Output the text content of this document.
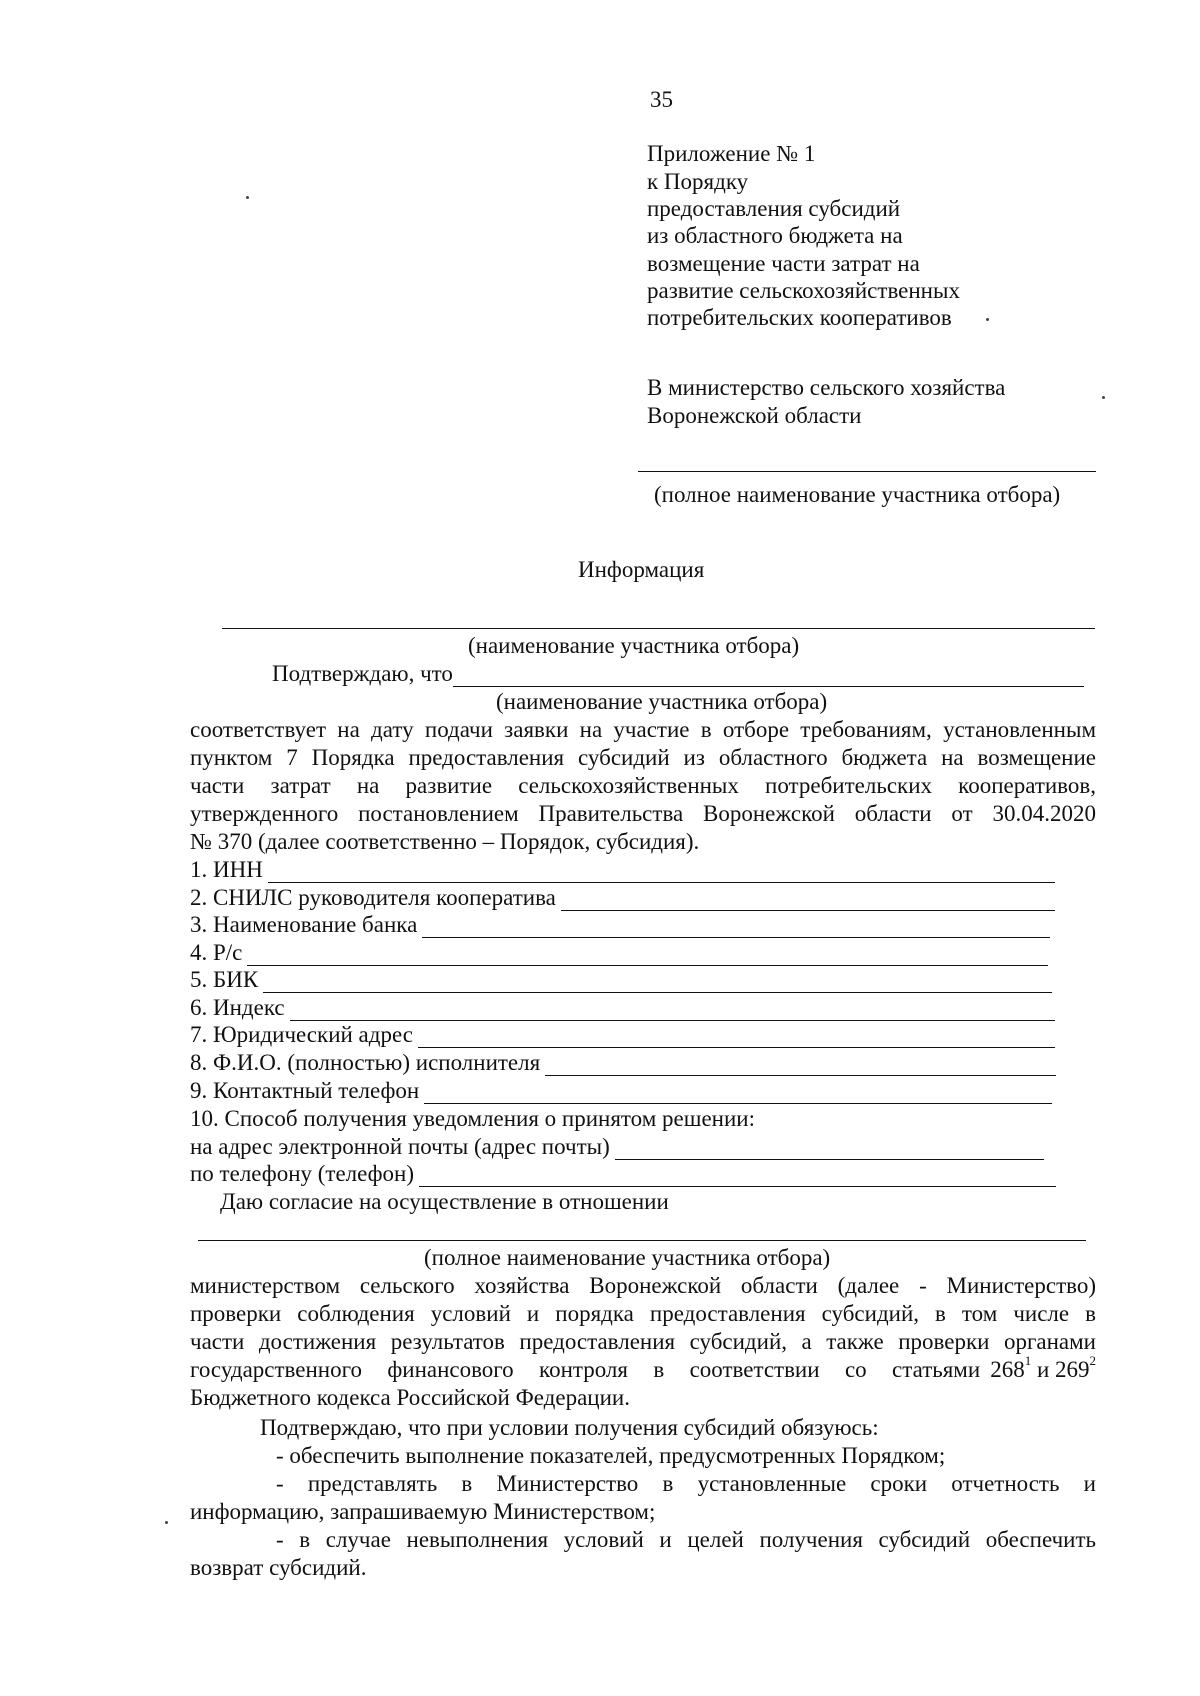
35
Приложение № 1
к Порядку
предоставления субсидий
из областного бюджета на
возмещение части затрат на
развитие сельскохозяйственных
потребительских кооперативов
В министерство сельского хозяйства
Воронежской области
(полное наименование участника отбора)
Информация
(наименование участника отбора)
Подтверждаю, что
(наименование участника отбора)
соответствует на дату подачи заявки на участие в отборе требованиям, установленным
пунктом 7 Порядка предоставления субсидий из областного бюджета на возмещение
части затрат на развитие сельскохозяйственных потребительских кооперативов,
утвержденного постановлением Правительства Воронежской области от 30.04.2020
№ 370 (далее соответственно – Порядок, субсидия).
1. ИНН
2. СНИЛС руководителя кооператива
3. Наименование банка
4. Р/с
5. БИК
6. Индекс
7. Юридический адрес
8. Ф.И.О. (полностью) исполнителя
9. Контактный телефон
10. Способ получения уведомления о принятом решении:
на адрес электронной почты (адрес почты)
по телефону (телефон)
Даю согласие на осуществление в отношении
(полное наименование участника отбора)
министерством сельского хозяйства Воронежской области (далее - Министерство)
проверки соблюдения условий и порядка предоставления субсидий, в том числе в
части достижения результатов предоставления субсидий, а также проверки органами
государственного финансового контроля в соответствии со статьями $268^1$ и $269^2$
Бюджетного кодекса Российской Федерации.
Подтверждаю, что при условии получения субсидий обязуюсь:
- обеспечить выполнение показателей, предусмотренных Порядком;
- представлять в Министерство в установленные сроки отчетность и
информацию, запрашиваемую Министерством;
- в случае невыполнения условий и целей получения субсидий обеспечить
возврат субсидий.
